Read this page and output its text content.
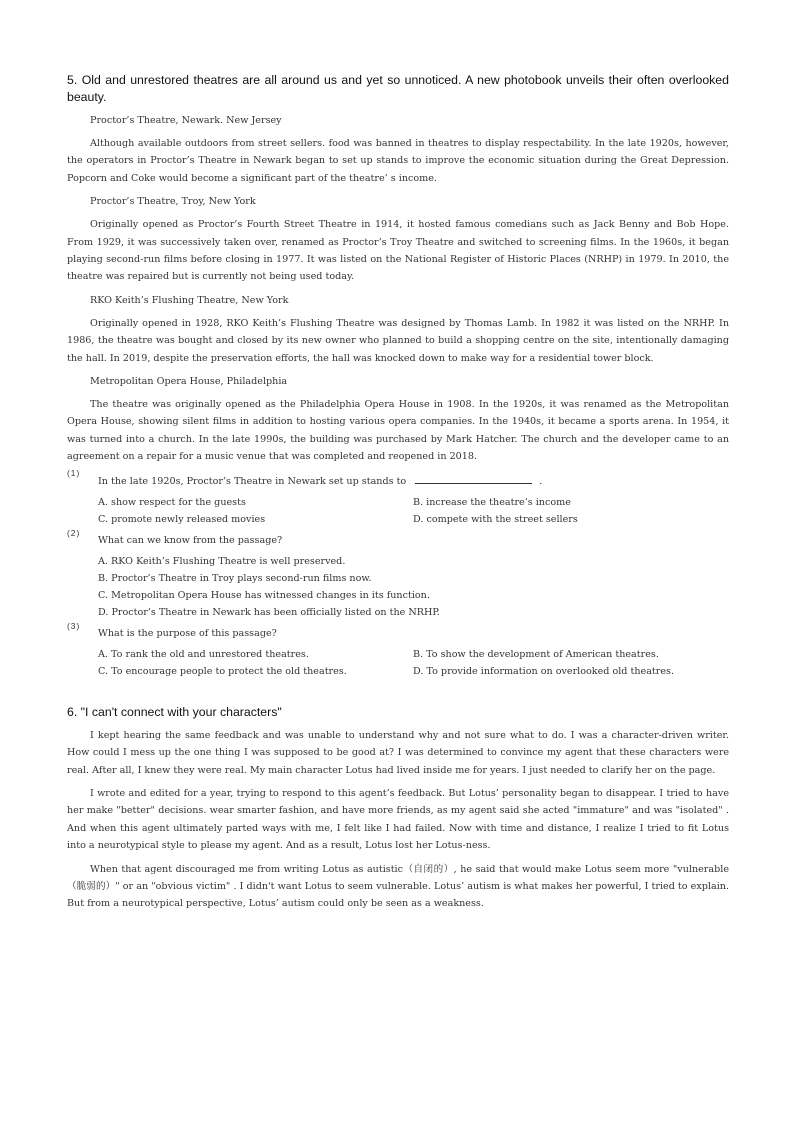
5. Old and unrestored theatres are all around us and yet so unnoticed. A new photobook unveils their often overlooked beauty.
Proctor’s Theatre, Newark. New Jersey
Although available outdoors from street sellers. food was banned in theatres to display respectability. In the late 1920s, however, the operators in Proctor’s Theatre in Newark began to set up stands to improve the economic situation during the Great Depression. Popcorn and Coke would become a significant part of the theatre’ s income.
Proctor’s Theatre, Troy, New York
Originally opened as Proctor’s Fourth Street Theatre in 1914, it hosted famous comedians such as Jack Benny and Bob Hope. From 1929, it was successively taken over, renamed as Proctor’s Troy Theatre and switched to screening films. In the 1960s, it began playing second-run films before closing in 1977. It was listed on the National Register of Historic Places (NRHP) in 1979. In 2010, the theatre was repaired but is currently not being used today.
RKO Keith’s Flushing Theatre, New York
Originally opened in 1928, RKO Keith’s Flushing Theatre was designed by Thomas Lamb. In 1982 it was listed on the NRHP. In 1986, the theatre was bought and closed by its new owner who planned to build a shopping centre on the site, intentionally damaging the hall. In 2019, despite the preservation efforts, the hall was knocked down to make way for a residential tower block.
Metropolitan Opera House, Philadelphia
The theatre was originally opened as the Philadelphia Opera House in 1908. In the 1920s, it was renamed as the Metropolitan Opera House, showing silent films in addition to hosting various opera companies. In the 1940s, it became a sports arena. In 1954, it was turned into a church. In the late 1990s, the building was purchased by Mark Hatcher. The church and the developer came to an agreement on a repair for a music venue that was completed and reopened in 2018.
(1)
In the late 1920s, Proctor’s Theatre in Newark set up stands to	.
A. show respect for the guests	B. increase the theatre’s income
C. promote newly released movies	D. compete with the street sellers
(2)
What can we know from the passage?
A. RKO Keith’s Flushing Theatre is well preserved.
B. Proctor’s Theatre in Troy plays second-run films now.
C. Metropolitan Opera House has witnessed changes in its function.
D. Proctor’s Theatre in Newark has been officially listed on the NRHP.
(3)
What is the purpose of this passage?
A. To rank the old and unrestored theatres.	B. To show the development of American theatres.
C. To encourage people to protect the old theatres.	D. To provide information on overlooked old theatres.
6. "I can't connect with your characters"
I kept hearing the same feedback and was unable to understand why and not sure what to do. I was a character-driven writer. How could I mess up the one thing I was supposed to be good at? I was determined to convince my agent that these characters were real. After all, I knew they were real. My main character Lotus had lived inside me for years. I just needed to clarify her on the page.
I wrote and edited for a year, trying to respond to this agent’s feedback. But Lotus’ personality began to disappear. I tried to have her make "better" decisions. wear smarter fashion, and have more friends, as my agent said she acted "immature" and was "isolated" . And when this agent ultimately parted ways with me, I felt like I had failed. Now with time and distance, I realize I tried to fit Lotus into a neurotypical style to please my agent. And as a result, Lotus lost her Lotus-ness.
When that agent discouraged me from writing Lotus as autistic（自闭的）, he said that would make Lotus seem more "vulnerable（脆弱的）" or an "obvious victim" . I didn't want Lotus to seem vulnerable. Lotus’ autism is what makes her powerful, I tried to explain. But from a neurotypical perspective, Lotus’ autism could only be seen as a weakness.
